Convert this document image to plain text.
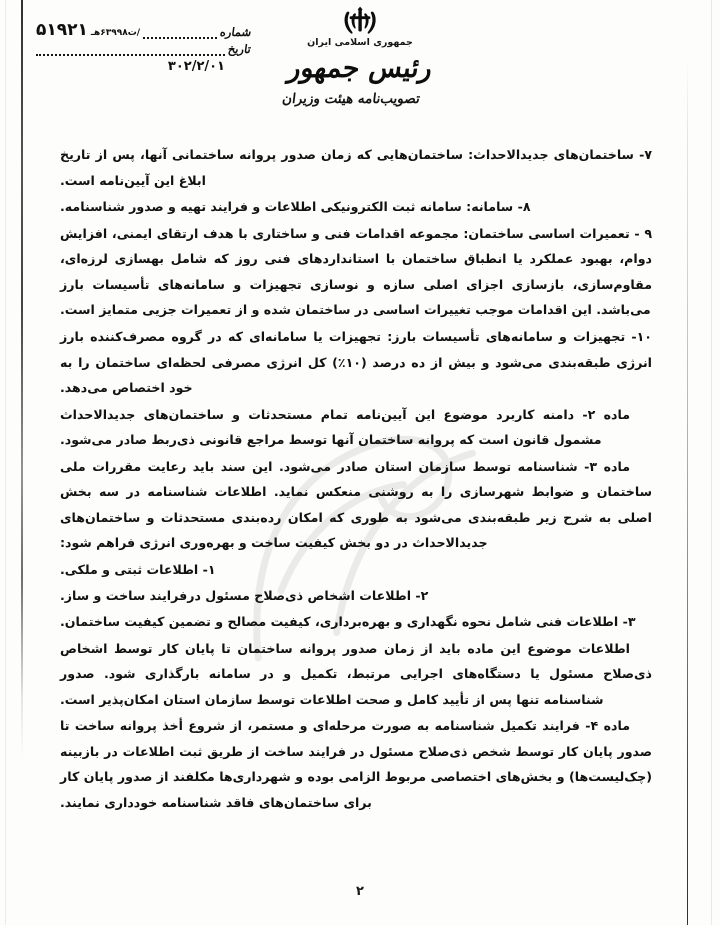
جمهوری اسلامی ایران
رئیس جمهور
تصویب‌نامه هیئت وزیران
شماره
/ت۶۳۹۹۸هـ
۵۱۹۲۱
تاریخ
۳۰۲/۲/۰۱

۷- ساختمان‌های جدیدالاحداث: ساختمان‌هایی که زمان صدور پروانه ساختمانی آنها، پس از تاریخ ابلاغ این آیین‌نامه است.

۸- سامانه: سامانه ثبت الکترونیکی اطلاعات و فرایند تهیه و صدور شناسنامه.

۹ - تعمیرات اساسی ساختمان: مجموعه اقدامات فنی و ساختاری با هدف ارتقای ایمنی، افزایش دوام، بهبود عملکرد یا انطباق ساختمان با استانداردهای فنی روز که شامل بهسازی لرزه‌ای، مقاوم‌سازی، بازسازی اجزای اصلی سازه و نوسازی تجهیزات و سامانه‌های تأسیسات بارز می‌باشد. این اقدامات موجب تغییرات اساسی در ساختمان شده و از تعمیرات جزیی متمایز است.

۱۰- تجهیزات و سامانه‌های تأسیسات بارز: تجهیزات یا سامانه‌ای که در گروه مصرف‌کننده بارز انرژی طبقه‌بندی می‌شود و بیش از ده درصد (۱۰٪) کل انرژی مصرفی لحظه‌ای ساختمان را به خود اختصاص می‌دهد.

ماده ۲- دامنه کاربرد موضوع این آیین‌نامه تمام مستحدثات و ساختمان‌های جدیدالاحداث مشمول قانون است که پروانه ساختمان آنها توسط مراجع قانونی ذی‌ربط صادر می‌شود.

ماده ۳- شناسنامه توسط سازمان استان صادر می‌شود. این سند باید رعایت مقررات ملی ساختمان و ضوابط شهرسازی را به روشنی منعکس نماید. اطلاعات شناسنامه در سه بخش اصلی به شرح زیر طبقه‌بندی می‌شود به طوری که امکان رده‌بندی مستحدثات و ساختمان‌های جدیدالاحداث در دو بخش کیفیت ساخت و بهره‌وری انرژی فراهم شود:

۱- اطلاعات ثبتی و ملکی.

۲- اطلاعات اشخاص ذی‌صلاح مسئول درفرایند ساخت و ساز.

۳- اطلاعات فنی شامل نحوه نگهداری و بهره‌برداری، کیفیت مصالح و تضمین کیفیت ساختمان.

اطلاعات موضوع این ماده باید از زمان صدور پروانه ساختمان تا پایان کار توسط اشخاص ذی‌صلاح مسئول یا دستگاه‌های اجرایی مرتبط، تکمیل و در سامانه بارگذاری شود. صدور شناسنامه تنها پس از تأیید کامل و صحت اطلاعات توسط سازمان استان امکان‌پذیر است.

ماده ۴- فرایند تکمیل شناسنامه به صورت مرحله‌ای و مستمر، از شروع أخذ پروانه ساخت تا صدور پایان کار توسط شخص ذی‌صلاح مسئول در فرایند ساخت از طریق ثبت اطلاعات در بازبینه (چک‌لیست‌ها) و بخش‌های اختصاصی مربوط الزامی بوده و شهرداری‌ها مکلفند از صدور پایان کار برای ساختمان‌های فاقد شناسنامه خودداری نمایند.

۲
